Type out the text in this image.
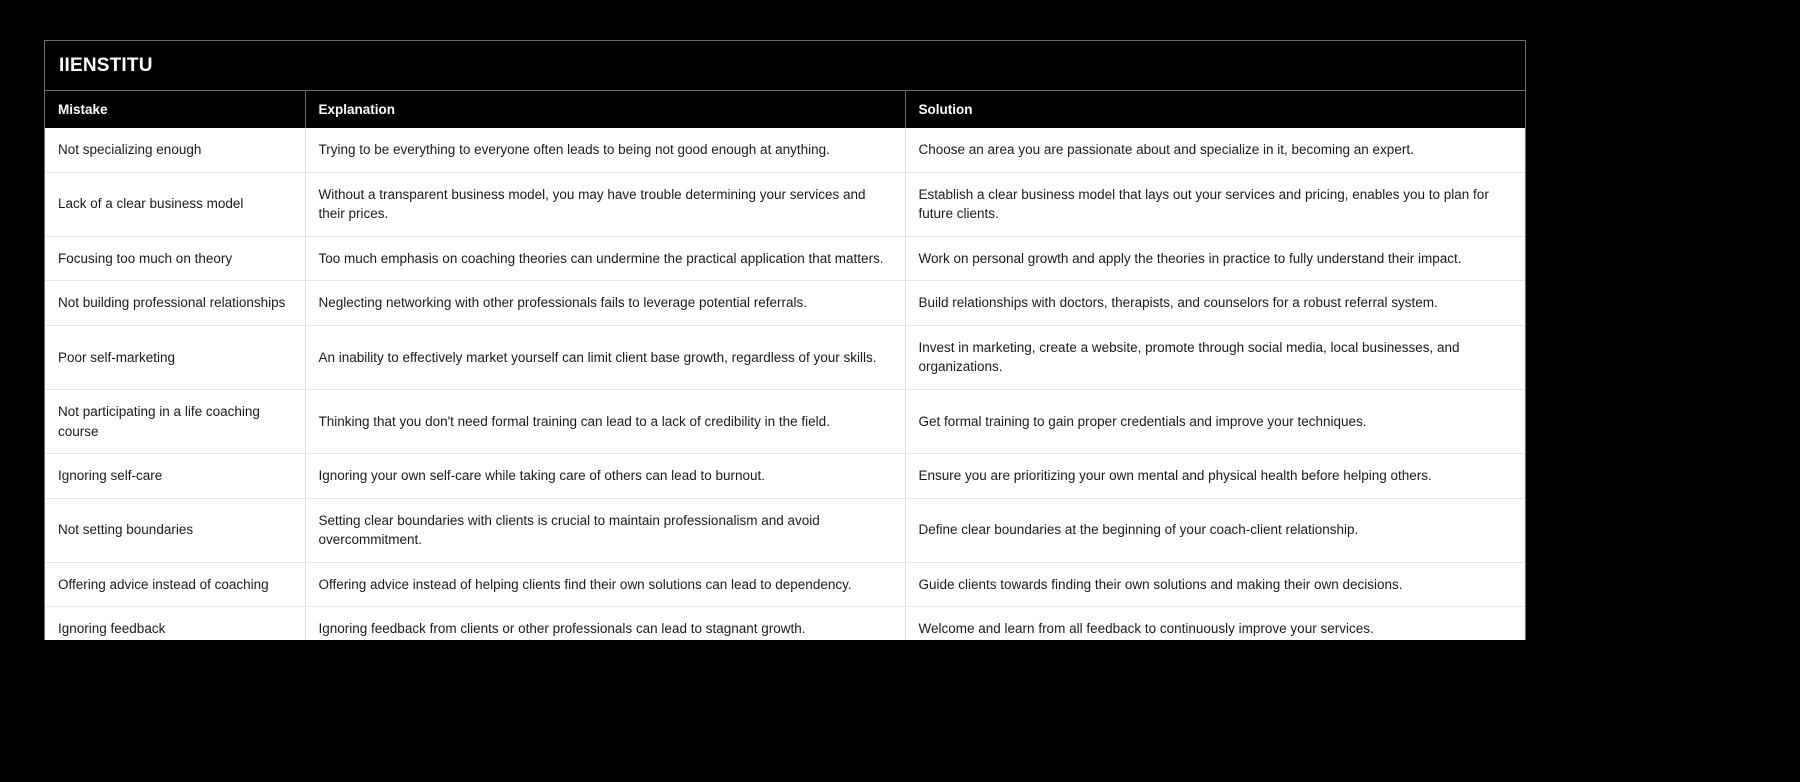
IIENSTITU
Mistake	Explanation	Solution
Not specializing enough	Trying to be everything to everyone often leads to being not good enough at anything.	Choose an area you are passionate about and specialize in it, becoming an expert.
Lack of a clear business model	Without a transparent business model, you may have trouble determining your services and their prices.	Establish a clear business model that lays out your services and pricing, enables you to plan for future clients.
Focusing too much on theory	Too much emphasis on coaching theories can undermine the practical application that matters.	Work on personal growth and apply the theories in practice to fully understand their impact.
Not building professional relationships	Neglecting networking with other professionals fails to leverage potential referrals.	Build relationships with doctors, therapists, and counselors for a robust referral system.
Poor self-marketing	An inability to effectively market yourself can limit client base growth, regardless of your skills.	Invest in marketing, create a website, promote through social media, local businesses, and organizations.
Not participating in a life coaching course	Thinking that you don't need formal training can lead to a lack of credibility in the field.	Get formal training to gain proper credentials and improve your techniques.
Ignoring self-care	Ignoring your own self-care while taking care of others can lead to burnout.	Ensure you are prioritizing your own mental and physical health before helping others.
Not setting boundaries	Setting clear boundaries with clients is crucial to maintain professionalism and avoid overcommitment.	Define clear boundaries at the beginning of your coach-client relationship.
Offering advice instead of coaching	Offering advice instead of helping clients find their own solutions can lead to dependency.	Guide clients towards finding their own solutions and making their own decisions.
Ignoring feedback	Ignoring feedback from clients or other professionals can lead to stagnant growth.	Welcome and learn from all feedback to continuously improve your services.
